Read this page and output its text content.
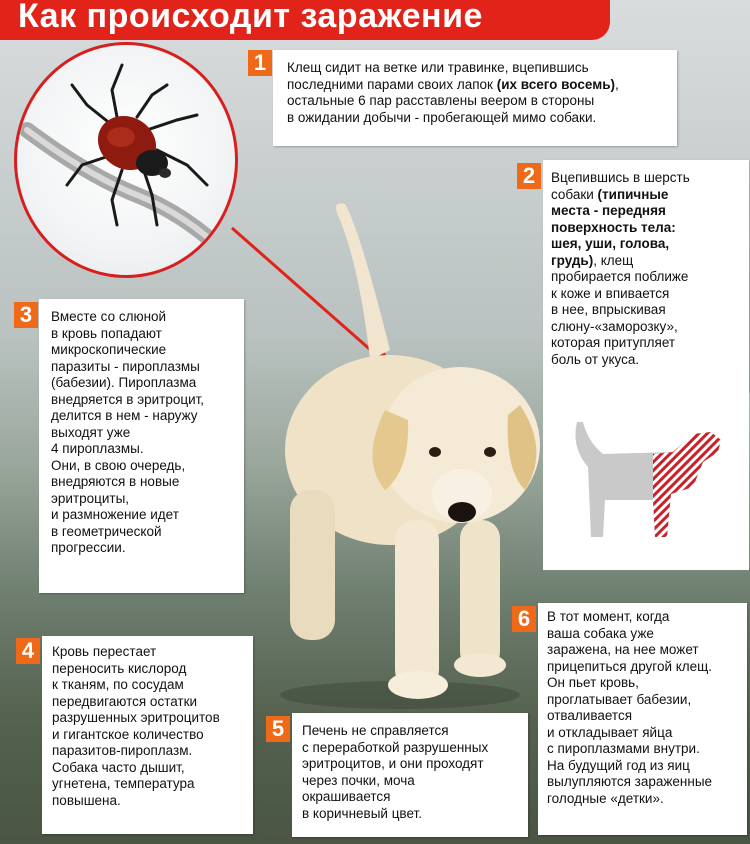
Как происходит заражение

Клещ сидит на ветке или травинке, вцепившись
последними парами своих лапок (их всего восемь),
остальные 6 пар расставлены веером в стороны
в ожидании добычи - пробегающей мимо собаки.

1

Вцепившись в шерсть
собаки (типичные
места - передняя
поверхность тела:
шея, уши, голова,
грудь), клещ
пробирается поближе
к коже и впивается
в нее, впрыскивая
слюну-«заморозку»,
которая притупляет
боль от укуса.

2

Вместе со слюной
в кровь попадают
микроскопические
паразиты - пироплазмы
(бабезии). Пироплазма
внедряется в эритроцит,
делится в нем - наружу
выходят уже
4 пироплазмы.
Они, в свою очередь,
внедряются в новые
эритроциты,
и размножение идет
в геометрической
прогрессии.

3

Кровь перестает
переносить кислород
к тканям, по сосудам
передвигаются остатки
разрушенных эритроцитов
и гигантское количество
паразитов-пироплазм.
Собака часто дышит,
угнетена, температура
повышена.

4

Печень не справляется
с переработкой разрушенных
эритроцитов, и они проходят
через почки, моча
окрашивается
в коричневый цвет.

5

В тот момент, когда
ваша собака уже
заражена, на нее может
прицепиться другой клещ.
Он пьет кровь,
проглатывает бабезии,
отваливается
и откладывает яйца
с пироплазмами внутри.
На будущий год из яиц
вылупляются зараженные
голодные «детки».

6
